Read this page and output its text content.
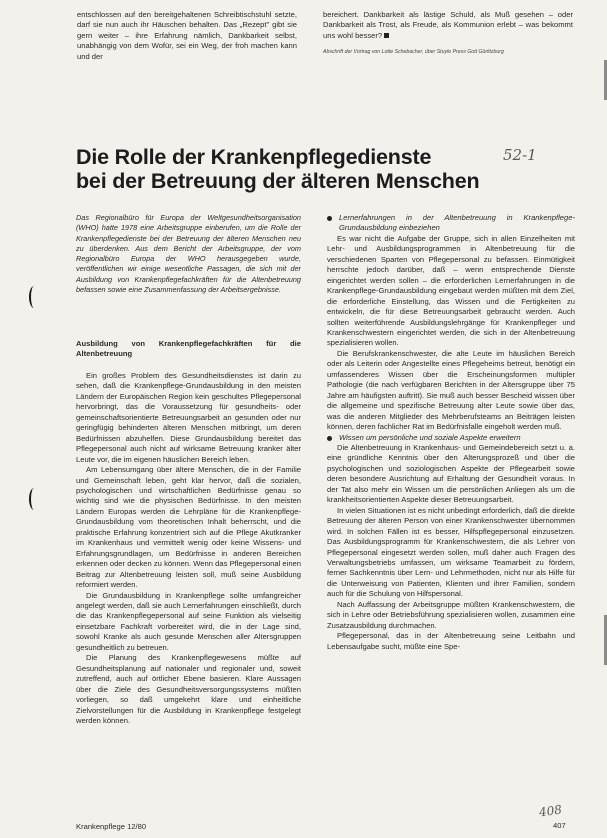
entschlossen auf den bereitgehaltenen Schreibtischstuhl setzte, darf sie nun auch ihr Häuschen behalten. Das „Rezept" gibt sie gern weiter – ihre Erfahrung nämlich, Dankbarkeit selbst, unabhängig von dem Wofür, sei ein Weg, der froh machen kann und der

bereichert. Dankbarkeit als lästige Schuld, als Muß gesehen – oder Dankbarkeit als Trost, als Freude, als Kommunion erlebt – was bekommt uns wohl besser?

Abschrift der Vortrag von Lotte Schebacher, über Stuyle Press Gott Görlitzburg
Die Rolle der Krankenpflegedienste
bei der Betreuung der älteren Menschen
52-1
Das Regionalbüro für Europa der Weltgesundheitsorganisation (WHO) hatte 1978 eine Arbeitsgruppe einberufen, um die Rolle der Krankenpflegedienste bei der Betreuung der älteren Menschen neu zu überdenken. Aus dem Bericht der Arbeitsgruppe, der vom Regionalbüro Europa der WHO herausgegeben wurde, veröffentlichen wir einige wesentliche Passagen, die sich mit der Ausbildung von Krankenpflegefachkräften für die Altenbetreuung befassen sowie eine Zusammenfassung der Arbeitsergebnisse.

Ausbildung von Krankenpflegefachkräften für die Altenbetreuung

Ein großes Problem des Gesundheitsdienstes ist darin zu sehen, daß die Krankenpflege-Grundausbildung in den meisten Ländern der Europäischen Region kein geschultes Pflegepersonal hervorbringt, das die Voraussetzung für gesundheits- oder gemeinschaftsorientierte Betreuungsarbeit an gesunden oder nur geringfügig behinderten älteren Menschen mitbringt, um deren Bedürfnissen abzuhelfen. Diese Grundausbildung bereitet das Pflegepersonal auch nicht auf wirksame Betreuung kranker älter Leute vor, die im eigenen häuslichen Bereich leben.

Am Lebensumgang über ältere Menschen, die in der Familie und Gemeinschaft leben, geht klar hervor, daß die sozialen, psychologischen und wirtschaftlichen Bedürfnisse genau so wichtig sind wie die physischen Bedürfnisse. In den meisten Ländern Europas werden die Lehrpläne für die Krankenpflege-Grundausbildung vom theoretischen Inhalt beherrscht, und die praktische Erfahrung konzentriert sich auf die Pflege Akutkranker im Krankenhaus und vermittelt wenig oder keine Wissens- und Erfahrungsgrundlagen, um Bedürfnisse in anderen Bereichen erkennen oder decken zu können. Wenn das Pflegepersonal einen Beitrag zur Altenbetreuung leisten soll, muß seine Ausbildung reformiert werden.

Die Grundausbildung in Krankenpflege sollte umfangreicher angelegt werden, daß sie auch Lernerfahrungen einschließt, durch die das Krankenpflegepersonal auf seine Funktion als vielseitig einsetzbare Fachkraft vorbereitet wird, die in der Lage sind, sowohl Kranke als auch gesunde Menschen aller Altersgruppen gesundheitlich zu betreuen.

Die Planung des Krankenpflegewesens müßte auf Gesundheitsplanung auf nationaler und regionaler und, soweit zutreffend, auch auf örtlicher Ebene basieren. Klare Aussagen über die Ziele des Gesundheitsversorgungssystems müßten vorliegen, so daß umgekehrt klare und einheitliche Zielvorstellungen für die Ausbildung in Krankenpflege festgelegt werden können.

Lernerfahrungen in der Altenbetreuung in Krankenpflege-Grundausbildung einbeziehen

Es war nicht die Aufgabe der Gruppe, sich in allen Einzelheiten mit Lehr- und Ausbildungsprogrammen in Altenbetreuung für die verschiedenen Sparten von Pflegepersonal zu befassen. Einmütigkeit herrschte jedoch darüber, daß – wenn entsprechende Dienste eingerichtet werden sollen – die erforderlichen Lernerfahrungen in die Krankenpflege-Grundausbildung eingebaut werden müßten mit dem Ziel, die erforderliche Einstellung, das Wissen und die Fertigkeiten zu entwickeln, die für diese Betreuungsarbeit gebraucht werden. Auch sollten weiterführende Ausbildungslehrgänge für Krankenpfleger und Krankenschwestern eingerichtet werden, die sich in der Altenbetreuung spezialisieren wollen.

Die Berufskrankenschwester, die alte Leute im häuslichen Bereich oder als Leiterin oder Angestellte eines Pflegeheims betreut, benötigt ein umfassenderes Wissen über die Erscheinungsformen multipler Pathologie (die nach verfügbaren Berichten in der Altersgruppe über 75 Jahre am häufigsten auftritt). Sie muß auch besser Bescheid wissen über die allgemeine und spezifische Betreuung alter Leute sowie über das, was die anderen Mitglieder des Mehrberufsteams an Beiträgen leisten können, deren fachlicher Rat im Bedürfnisfalle eingeholt werden muß.

Wissen um persönliche und soziale Aspekte erweitern

Die Altenbetreuung in Krankenhaus- und Gemeindebereich setzt u. a. eine gründliche Kenntnis über den Alterungsprozeß und über die psychologischen und soziologischen Aspekte der Pflegearbeit sowie deren besondere Ausrichtung auf Erhaltung der Gesundheit voraus. In der Tat also mehr ein Wissen um die persönlichen Anliegen als um die krankheitsorientierten Aspekte dieser Betreuungsarbeit.

In vielen Situationen ist es nicht unbedingt erforderlich, daß die direkte Betreuung der älteren Person von einer Krankenschwester übernommen wird. In solchen Fällen ist es besser, Hilfspflegepersonal einzusetzen. Das Ausbildungsprogramm für Krankenschwestern, die als Lehrer von Pflegepersonal eingesetzt werden sollen, muß daher auch Fragen des Verwaltungsbetriebs umfassen, um wirksame Teamarbeit zu fördern, ferner Sachkenntnis über Lern- und Lehrmethoden, nicht nur als Hilfe für die Unterweisung von Patienten, Klienten und ihrer Familien, sondern auch für die Schulung von Hilfspersonal.

Nach Auffassung der Arbeitsgruppe müßten Krankenschwestern, die sich in Lehre oder Betriebsführung spezialisieren wollen, zusammen eine Zusatzausbildung durchmachen.

Pflegepersonal, das in der Altenbetreuung seine Leitbahn und Lebensaufgabe sucht, müßte eine Spe-

Krankenpflege 12/80	407
408
